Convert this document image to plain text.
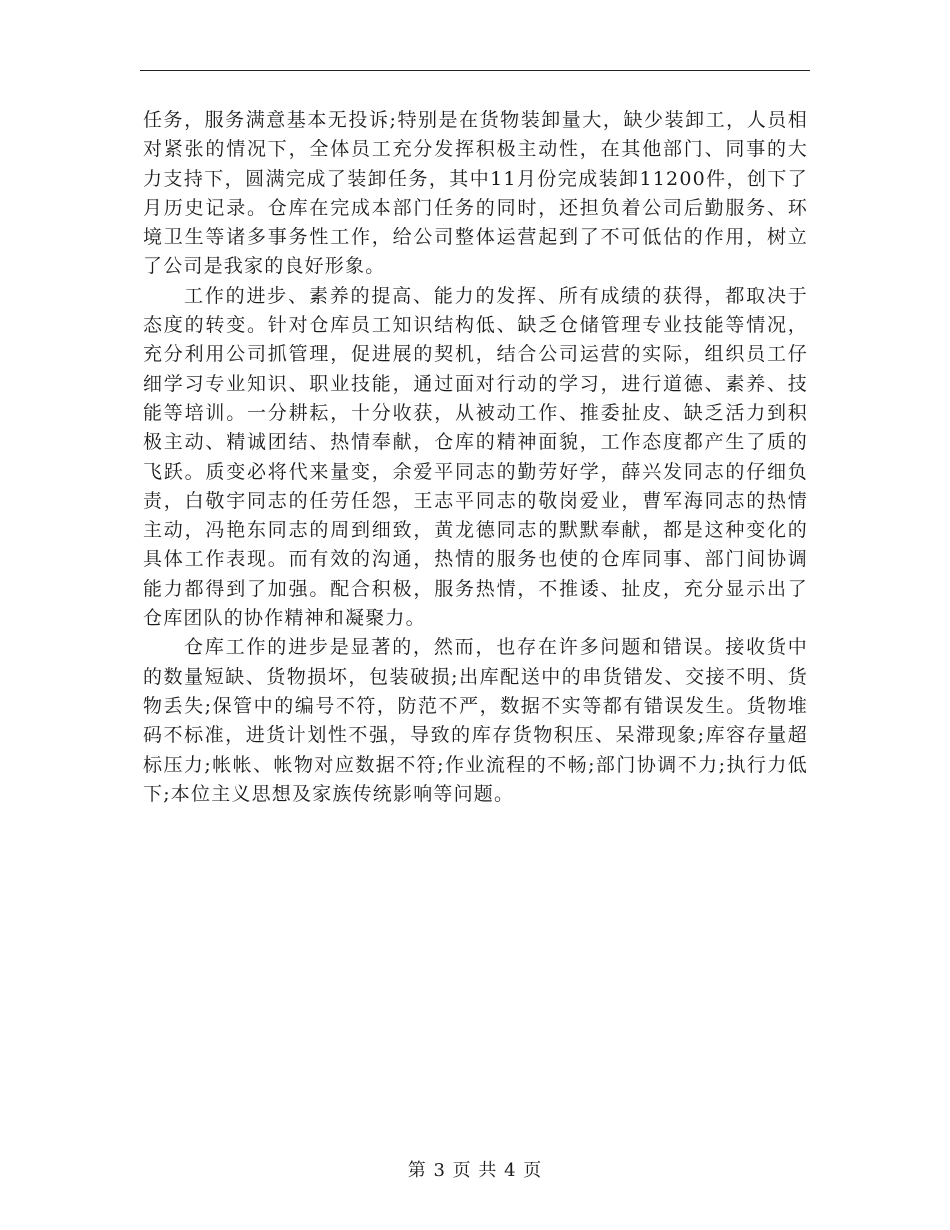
任务，服务满意基本无投诉;特别是在货物装卸量大，缺少装卸工，人员相对紧张的情况下，全体员工充分发挥积极主动性，在其他部门、同事的大力支持下，圆满完成了装卸任务，其中11月份完成装卸11200件，创下了月历史记录。仓库在完成本部门任务的同时，还担负着公司后勤服务、环境卫生等诸多事务性工作，给公司整体运营起到了不可低估的作用，树立了公司是我家的良好形象。

工作的进步、素养的提高、能力的发挥、所有成绩的获得，都取决于态度的转变。针对仓库员工知识结构低、缺乏仓储管理专业技能等情况，充分利用公司抓管理，促进展的契机，结合公司运营的实际，组织员工仔细学习专业知识、职业技能，通过面对行动的学习，进行道德、素养、技能等培训。一分耕耘，十分收获，从被动工作、推委扯皮、缺乏活力到积极主动、精诚团结、热情奉献，仓库的精神面貌，工作态度都产生了质的飞跃。质变必将代来量变，余爱平同志的勤劳好学，薛兴发同志的仔细负责，白敬宇同志的任劳任怨，王志平同志的敬岗爱业，曹军海同志的热情主动，冯艳东同志的周到细致，黄龙德同志的默默奉献，都是这种变化的具体工作表现。而有效的沟通，热情的服务也使的仓库同事、部门间协调能力都得到了加强。配合积极，服务热情，不推诿、扯皮，充分显示出了仓库团队的协作精神和凝聚力。

仓库工作的进步是显著的，然而，也存在许多问题和错误。接收货中的数量短缺、货物损坏，包装破损;出库配送中的串货错发、交接不明、货物丢失;保管中的编号不符，防范不严，数据不实等都有错误发生。货物堆码不标准，进货计划性不强，导致的库存货物积压、呆滞现象;库容存量超标压力;帐帐、帐物对应数据不符;作业流程的不畅;部门协调不力;执行力低下;本位主义思想及家族传统影响等问题。

第 3 页 共 4 页
